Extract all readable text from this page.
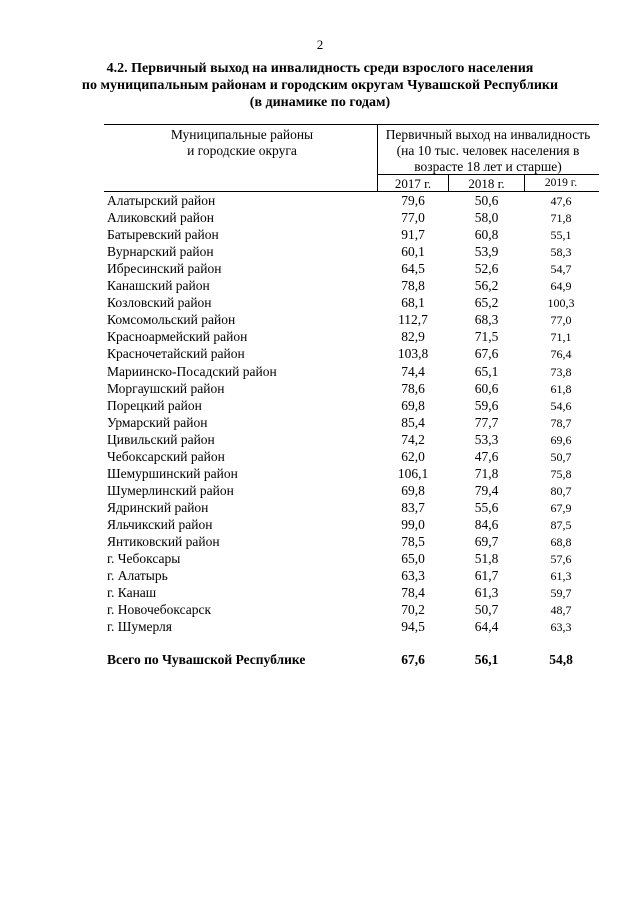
2
4.2. Первичный выход на инвалидность среди взрослого населения
по муниципальным районам и городским округам Чувашской Республики
(в динамике по годам)
Муниципальные районы
и городские округа
Первичный выход на инвалидность
(на 10 тыс. человек населения в
возрасте 18 лет и старше)
2017 г.	2018 г.	2019 г.
Алатырский район	79,6	50,6	47,6
Аликовский район	77,0	58,0	71,8
Батыревский район	91,7	60,8	55,1
Вурнарский район	60,1	53,9	58,3
Ибресинский район	64,5	52,6	54,7
Канашский район	78,8	56,2	64,9
Козловский район	68,1	65,2	100,3
Комсомольский район	112,7	68,3	77,0
Красноармейский район	82,9	71,5	71,1
Красночетайский район	103,8	67,6	76,4
Мариинско-Посадский район	74,4	65,1	73,8
Моргаушский район	78,6	60,6	61,8
Порецкий район	69,8	59,6	54,6
Урмарский район	85,4	77,7	78,7
Цивильский район	74,2	53,3	69,6
Чебоксарский район	62,0	47,6	50,7
Шемуршинский район	106,1	71,8	75,8
Шумерлинский район	69,8	79,4	80,7
Ядринский район	83,7	55,6	67,9
Яльчикский район	99,0	84,6	87,5
Янтиковский район	78,5	69,7	68,8
г. Чебоксары	65,0	51,8	57,6
г. Алатырь	63,3	61,7	61,3
г. Канаш	78,4	61,3	59,7
г. Новочебоксарск	70,2	50,7	48,7
г. Шумерля	94,5	64,4	63,3
Всего по Чувашской Республике	67,6	56,1	54,8
